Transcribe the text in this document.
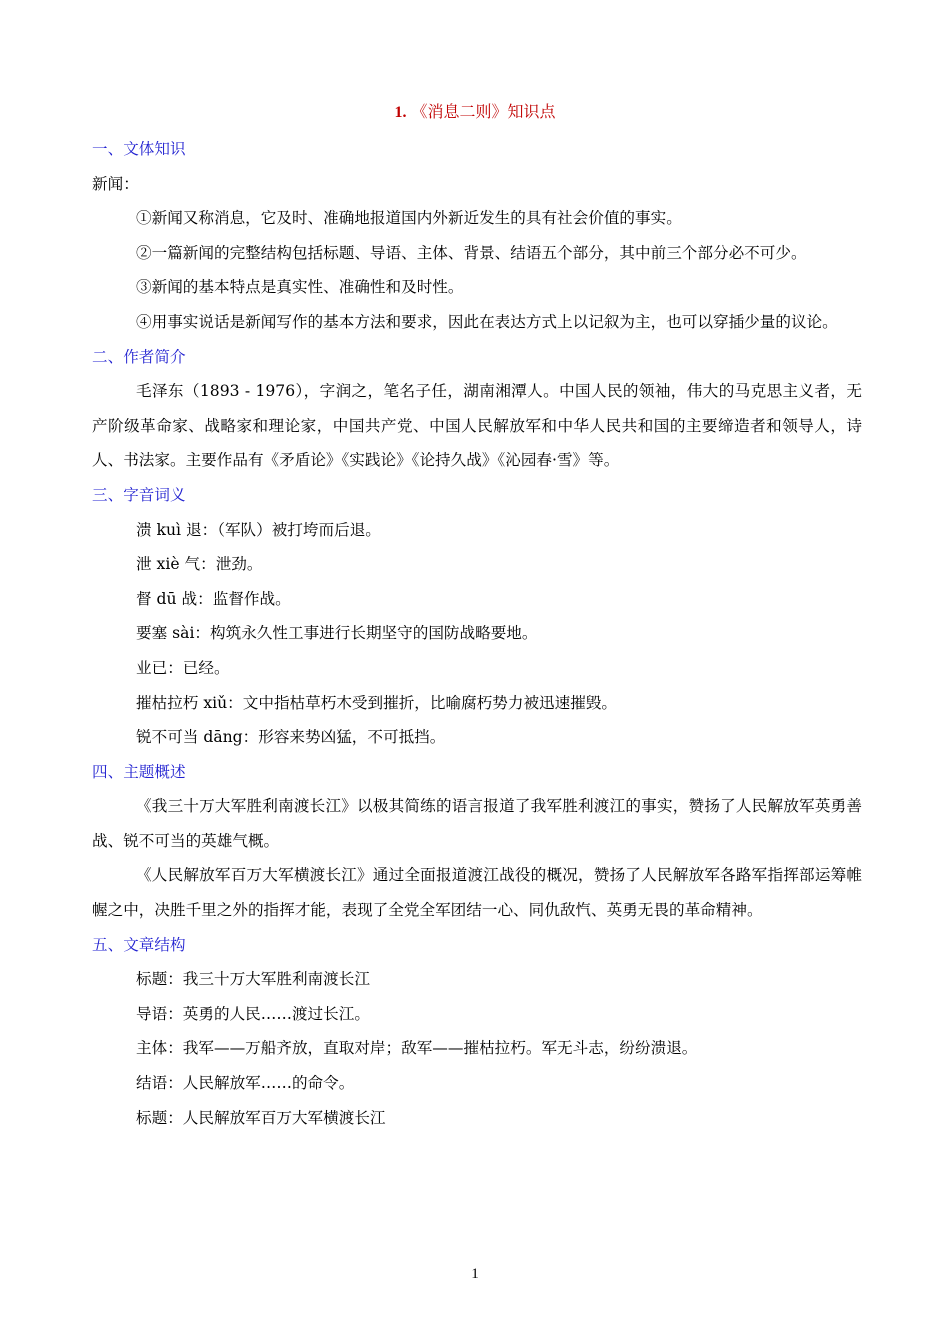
1. 《消息二则》知识点

一、文体知识

新闻：

①新闻又称消息，它及时、准确地报道国内外新近发生的具有社会价值的事实。

②一篇新闻的完整结构包括标题、导语、主体、背景、结语五个部分，其中前三个部分必不可少。

③新闻的基本特点是真实性、准确性和及时性。

④用事实说话是新闻写作的基本方法和要求，因此在表达方式上以记叙为主，也可以穿插少量的议论。

二、作者简介

毛泽东（1893 - 1976），字润之，笔名子任，湖南湘潭人。中国人民的领袖，伟大的马克思主义者，无产阶级革命家、战略家和理论家，中国共产党、中国人民解放军和中华人民共和国的主要缔造者和领导人，诗人、书法家。主要作品有《矛盾论》《实践论》《论持久战》《沁园春·雪》等。

三、字音词义

溃 kuì 退：（军队）被打垮而后退。

泄 xiè 气：泄劲。

督 dū 战：监督作战。

要塞 sài：构筑永久性工事进行长期坚守的国防战略要地。

业已：已经。

摧枯拉朽 xiǔ：文中指枯草朽木受到摧折，比喻腐朽势力被迅速摧毁。

锐不可当 dāng：形容来势凶猛，不可抵挡。

四、主题概述

《我三十万大军胜利南渡长江》以极其简练的语言报道了我军胜利渡江的事实，赞扬了人民解放军英勇善战、锐不可当的英雄气概。

《人民解放军百万大军横渡长江》通过全面报道渡江战役的概况，赞扬了人民解放军各路军指挥部运筹帷幄之中，决胜千里之外的指挥才能，表现了全党全军团结一心、同仇敌忾、英勇无畏的革命精神。

五、文章结构

标题：我三十万大军胜利南渡长江

导语：英勇的人民……渡过长江。

主体：我军——万船齐放，直取对岸；敌军——摧枯拉朽。军无斗志，纷纷溃退。

结语：人民解放军……的命令。

标题：人民解放军百万大军横渡长江

1
